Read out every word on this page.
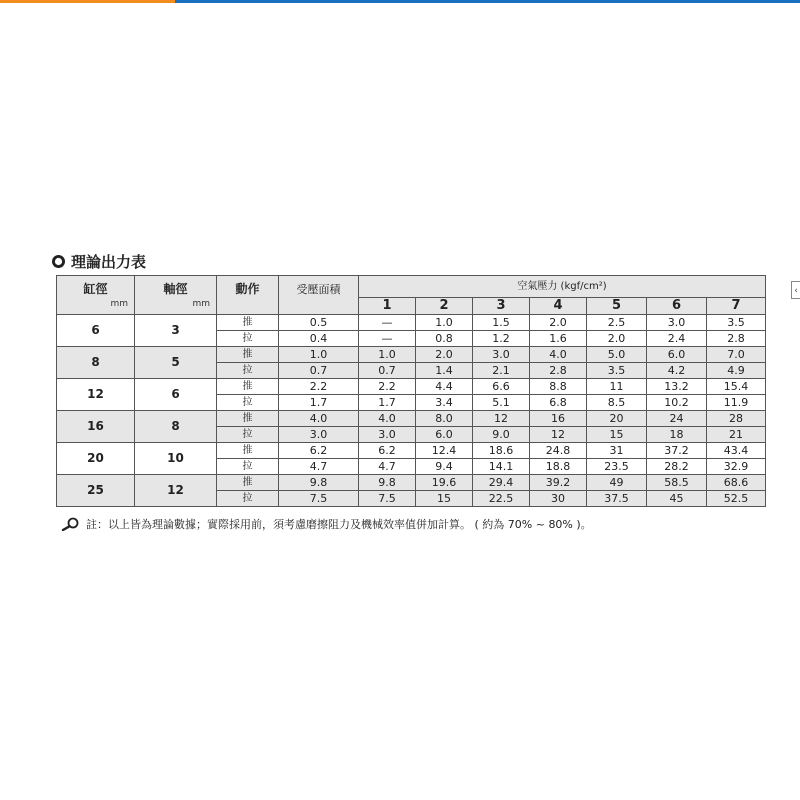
‹
理論出力表
缸徑
mm	軸徑
mm	動作	受壓面積	空氣壓力 (kgf/cm²)						
				1	2	3	4	5	6	7
6	3	推	0.5	—	1.0	1.5	2.0	2.5	3.0	3.5
		拉	0.4	—	0.8	1.2	1.6	2.0	2.4	2.8
8	5	推	1.0	1.0	2.0	3.0	4.0	5.0	6.0	7.0
		拉	0.7	0.7	1.4	2.1	2.8	3.5	4.2	4.9
12	6	推	2.2	2.2	4.4	6.6	8.8	11	13.2	15.4
		拉	1.7	1.7	3.4	5.1	6.8	8.5	10.2	11.9
16	8	推	4.0	4.0	8.0	12	16	20	24	28
		拉	3.0	3.0	6.0	9.0	12	15	18	21
20	10	推	6.2	6.2	12.4	18.6	24.8	31	37.2	43.4
		拉	4.7	4.7	9.4	14.1	18.8	23.5	28.2	32.9
25	12	推	9.8	9.8	19.6	29.4	39.2	49	58.5	68.6
		拉	7.5	7.5	15	22.5	30	37.5	45	52.5
註：以上皆為理論數據；實際採用前，須考慮磨擦阻力及機械效率值併加計算。 ( 約為 70% ~ 80% )。
